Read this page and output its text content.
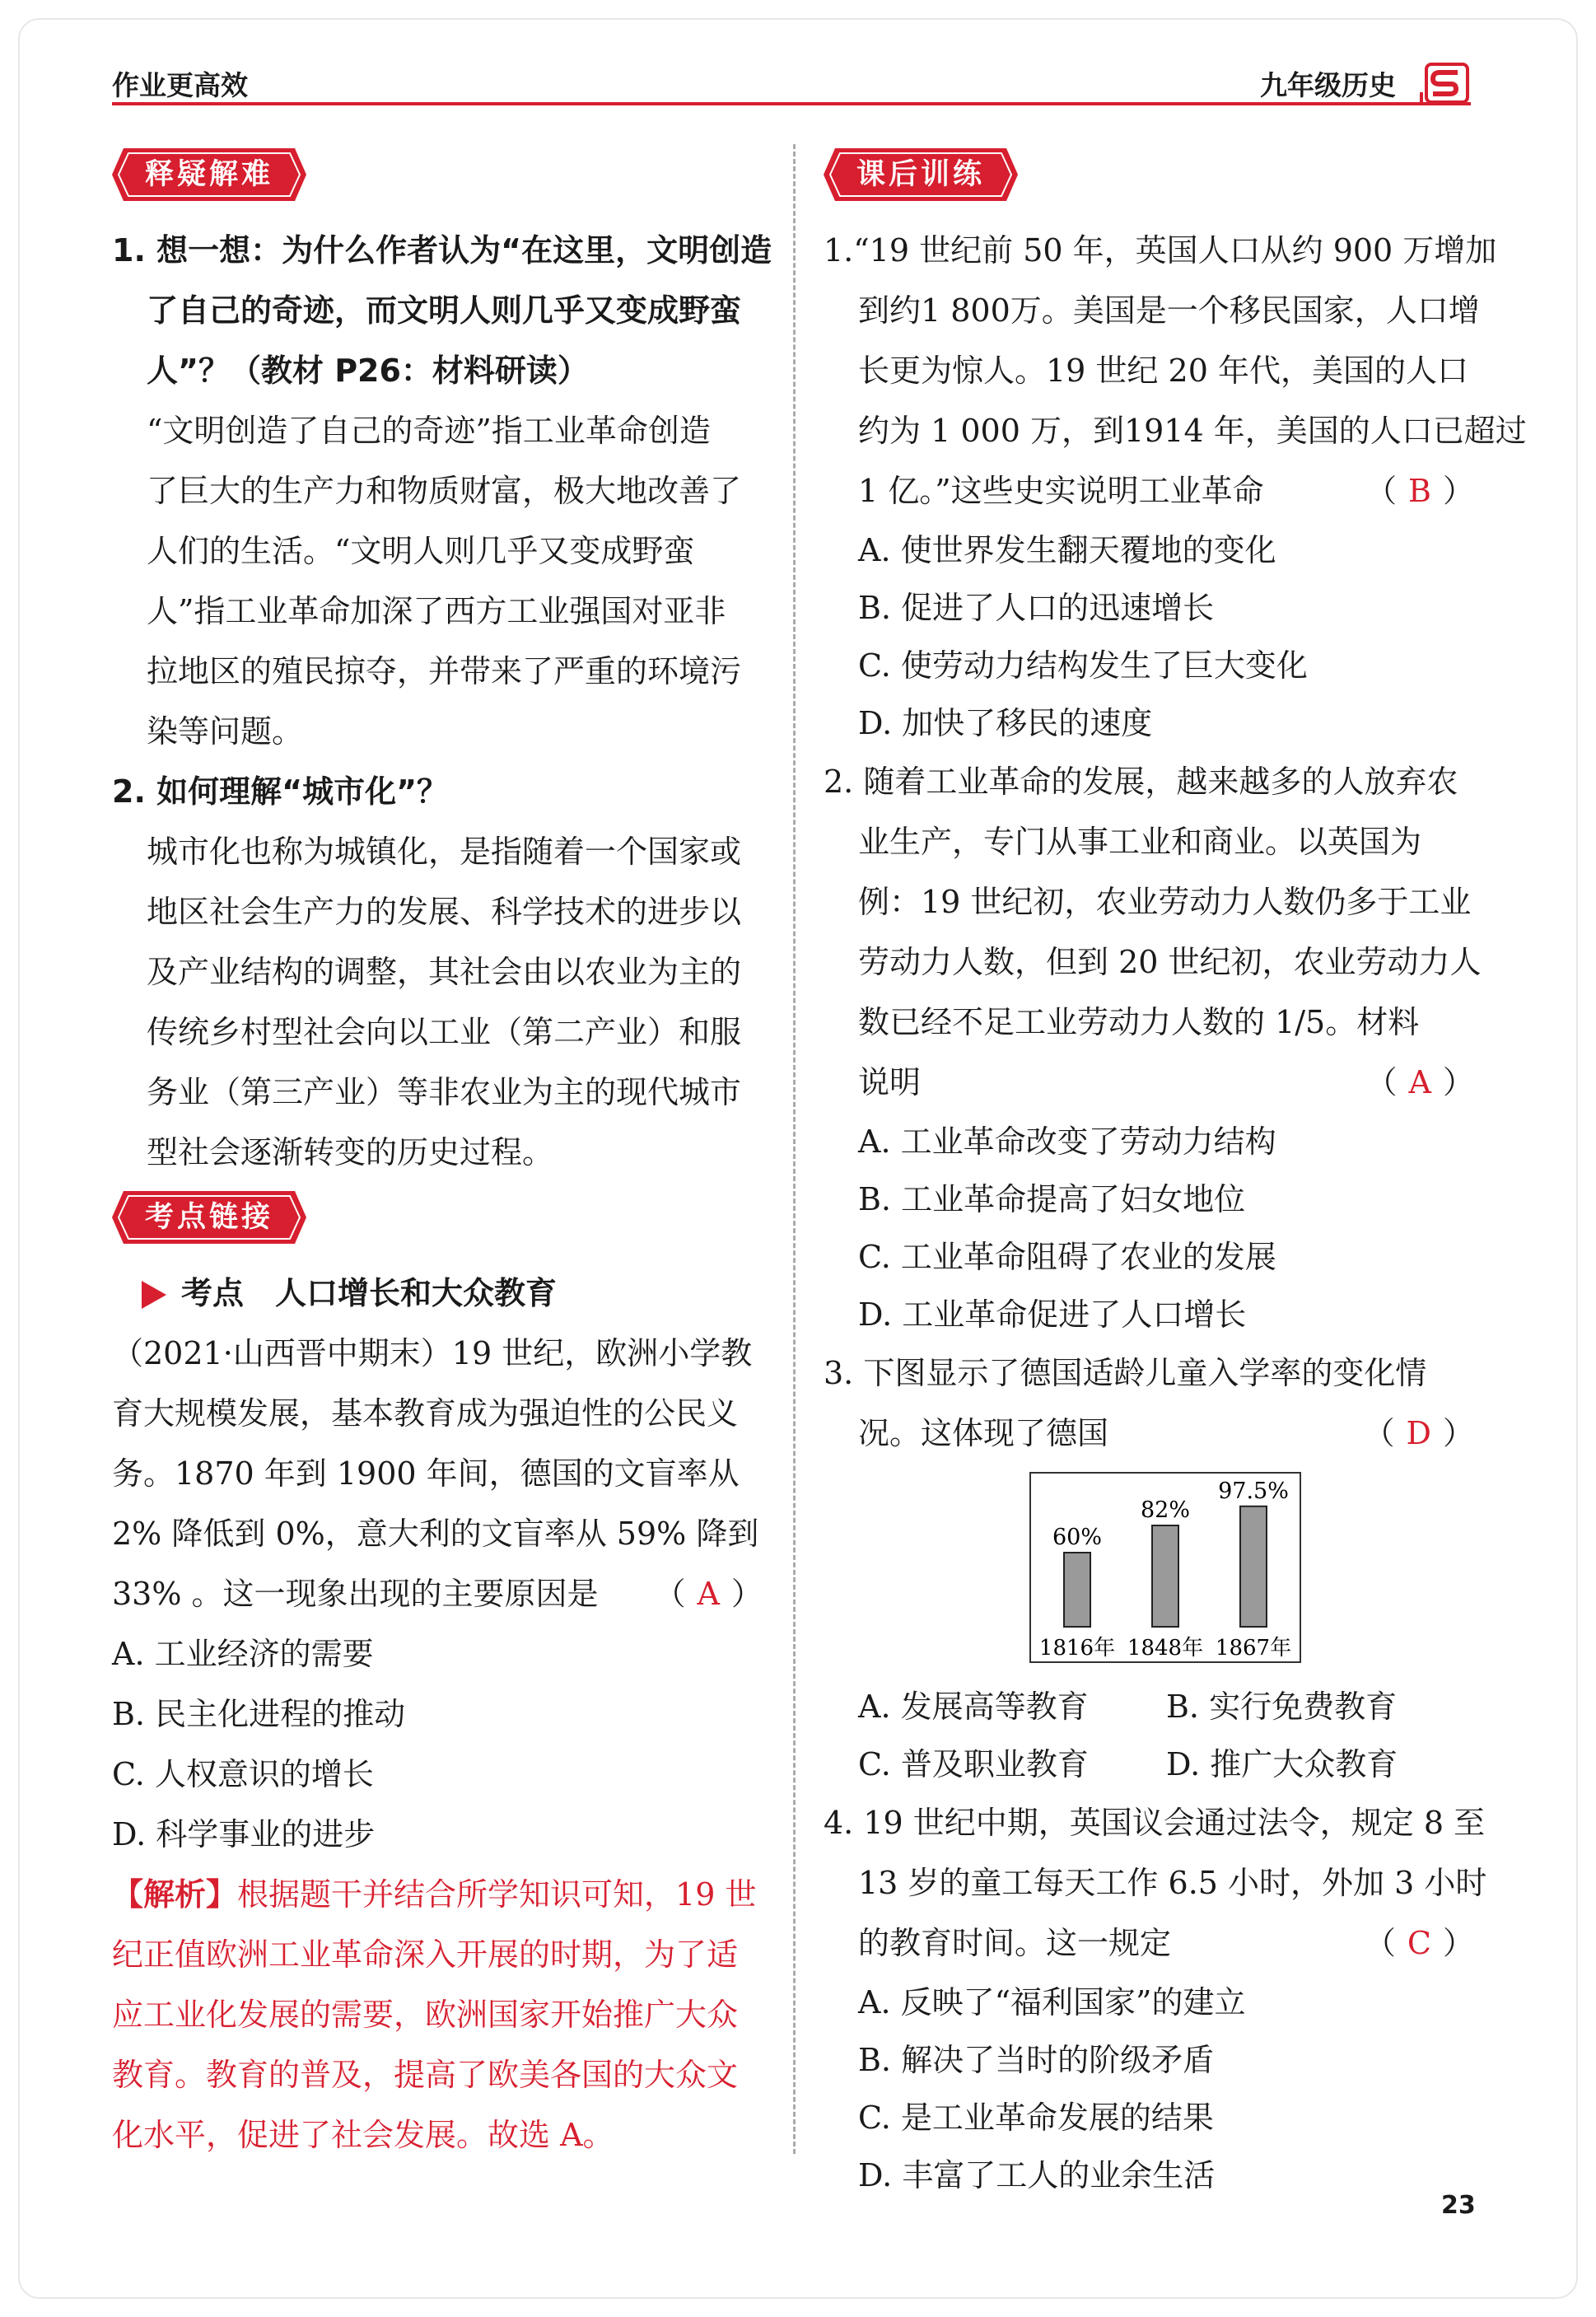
作业更高效	九年级历史
释疑解难
1. 想一想：为什么作者认为“在这里，文明创造
了自己的奇迹，而文明人则几乎又变成野蛮
人”？（教材 P26：材料研读）
“文明创造了自己的奇迹”指工业革命创造
了巨大的生产力和物质财富，极大地改善了
人们的生活。“文明人则几乎又变成野蛮
人”指工业革命加深了西方工业强国对亚非
拉地区的殖民掠夺，并带来了严重的环境污
染等问题。
2. 如何理解“城市化”？
城市化也称为城镇化，是指随着一个国家或
地区社会生产力的发展、科学技术的进步以
及产业结构的调整，其社会由以农业为主的
传统乡村型社会向以工业（第二产业）和服
务业（第三产业）等非农业为主的现代城市
型社会逐渐转变的历史过程。
考点链接
考点　人口增长和大众教育
（2021·山西晋中期末）19 世纪，欧洲小学教
育大规模发展，基本教育成为强迫性的公民义
务。1870 年到 1900 年间，德国的文盲率从
2% 降低到 0%，意大利的文盲率从 59% 降到
33% 。这一现象出现的主要原因是 （ A ）
A. 工业经济的需要
B. 民主化进程的推动
C. 人权意识的增长
D. 科学事业的进步
【解析】根据题干并结合所学知识可知，19 世
纪正值欧洲工业革命深入开展的时期，为了适
应工业化发展的需要，欧洲国家开始推广大众
教育。教育的普及，提高了欧美各国的大众文
化水平，促进了社会发展。故选 A。
课后训练
1.“19 世纪前 50 年，英国人口从约 900 万增加
到约1 800万。美国是一个移民国家，人口增
长更为惊人。19 世纪 20 年代，美国的人口
约为 1 000 万，到1914 年，美国的人口已超过
1 亿。”这些史实说明工业革命	（ B ）
A. 使世界发生翻天覆地的变化
B. 促进了人口的迅速增长
C. 使劳动力结构发生了巨大变化
D. 加快了移民的速度
2. 随着工业革命的发展，越来越多的人放弃农
业生产，专门从事工业和商业。以英国为
例：19 世纪初，农业劳动力人数仍多于工业
劳动力人数，但到 20 世纪初，农业劳动力人
数已经不足工业劳动力人数的 1/5。材料
说明	（ A ）
A. 工业革命改变了劳动力结构
B. 工业革命提高了妇女地位
C. 工业革命阻碍了农业的发展
D. 工业革命促进了人口增长
3. 下图显示了德国适龄儿童入学率的变化情
况。这体现了德国	（ D ）
60%
1816年
82%
1848年
97.5%
1867年
A. 发展高等教育	B. 实行免费教育
C. 普及职业教育	D. 推广大众教育
4. 19 世纪中期，英国议会通过法令，规定 8 至
13 岁的童工每天工作 6.5 小时，外加 3 小时
的教育时间。这一规定	（ C ）
A. 反映了“福利国家”的建立
B. 解决了当时的阶级矛盾
C. 是工业革命发展的结果
D. 丰富了工人的业余生活
23
